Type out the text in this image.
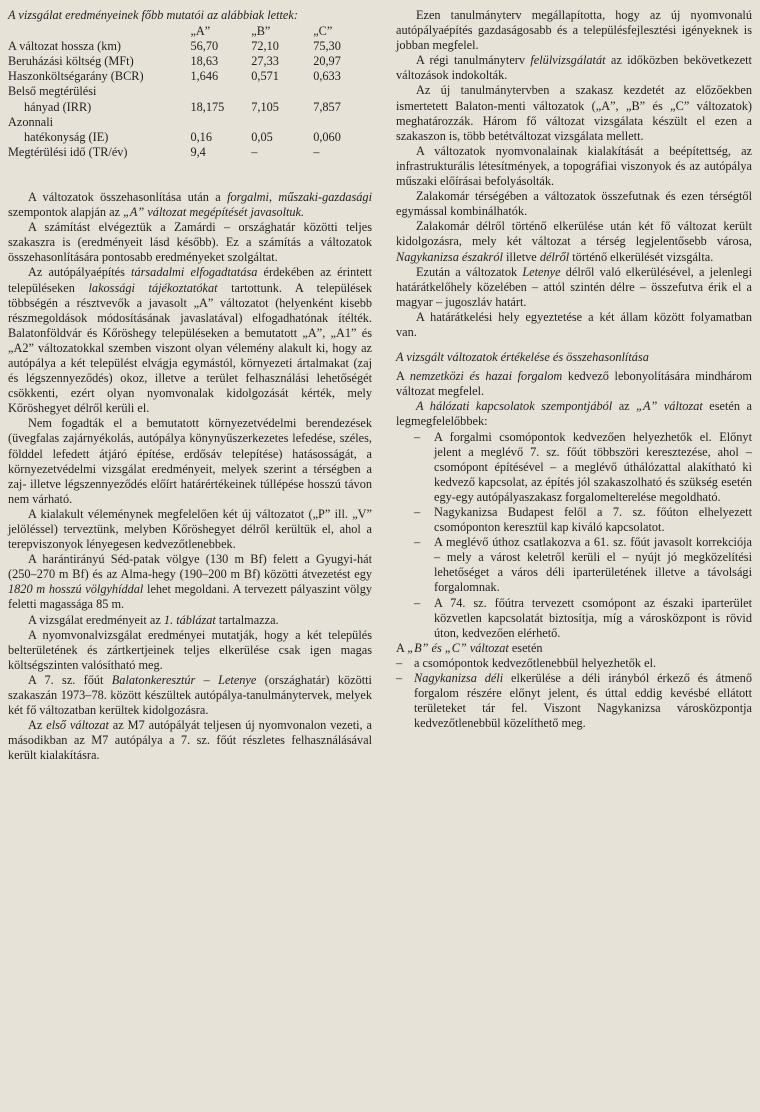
A vizsgálat eredményeinek főbb mutatói az alábbiak lettek:

	„A”	„B”	„C”
A változat hossza (km)	56,70	72,10	75,30
Beruházási költség (MFt)	18,63	27,33	20,97
Haszonköltségarány (BCR)	1,646	0,571	0,633
Belső megtérülési			
hányad (IRR)	18,175	7,105	7,857
Azonnali			
hatékonyság (IE)	0,16	0,05	0,060
Megtérülési idő (TR/év)	9,4	–	–

A változatok összehasonlítása után a forgalmi, műszaki-gazdasági szempontok alapján az „A” változat megépítését javasoltuk.

A számítást elvégeztük a Zamárdi – országhatár közötti teljes szakaszra is (eredményeit lásd később). Ez a számítás a változatok összehasonlítására pontosabb eredményeket szolgáltat.

Az autópályaépítés társadalmi elfogadtatása érdekében az érintett településeken lakossági tájékoztatókat tartottunk. A települések többségén a résztvevők a javasolt „A” változatot (helyenként kisebb részmegoldások módosításának javaslatával) elfogadhatónak ítélték. Balatonföldvár és Kőröshegy településeken a bemutatott „A”, „A1” és „A2” változatokkal szemben viszont olyan vélemény alakult ki, hogy az autópálya a két települést elvágja egymástól, környezeti ártalmakat (zaj és légszennyeződés) okoz, illetve a terület felhasználási lehetőségét csökkenti, ezért olyan nyomvonalak kidolgozását kérték, mely Kőröshegyet délről kerüli el.

Nem fogadták el a bemutatott környezetvédelmi berendezések (üvegfalas zajárnyékolás, autópálya könynyűszerkezetes lefedése, széles, földdel lefedett átjáró építése, erdősáv telepítése) hatásosságát, a környezetvédelmi vizsgálat eredményeit, melyek szerint a térségben a zaj- illetve légszennyeződés előírt határértékeinek túllépése hosszú távon nem várható.

A kialakult véleménynek megfelelően két új változatot („P” ill. „V” jelöléssel) terveztünk, melyben Kőröshegyet délről kerültük el, ahol a terepviszonyok lényegesen kedvezőtlenebbek.

A harántirányú Séd-patak völgye (130 m Bf) felett a Gyugyi-hát (250–270 m Bf) és az Alma-hegy (190–200 m Bf) közötti átvezetést egy 1820 m hosszú völgyhíddal lehet megoldani. A tervezett pályaszint völgy feletti magassága 85 m.

A vizsgálat eredményeit az 1. táblázat tartalmazza.

A nyomvonalvizsgálat eredményei mutatják, hogy a két település belterületének és zártkertjeinek teljes elkerülése csak igen magas költségszinten valósítható meg.

A 7. sz. főút Balatonkeresztúr – Letenye (országhatár) közötti szakaszán 1973–78. között készültek autópálya-tanulmánytervek, melyek két fő változatban kerültek kidolgozásra.

Az első változat az M7 autópályát teljesen új nyomvonalon vezeti, a másodikban az M7 autópálya a 7. sz. főút részletes felhasználásával került kialakításra.

Ezen tanulmányterv megállapította, hogy az új nyomvonalú autópályaépítés gazdaságosabb és a településfejlesztési igényeknek is jobban megfelel.

A régi tanulmányterv felülvizsgálatát az időközben bekövetkezett változások indokolták.

Az új tanulmánytervben a szakasz kezdetét az előzőekben ismertetett Balaton-menti változatok („A”, „B” és „C” változatok) meghatározzák. Három fő változat vizsgálata készült el ezen a szakaszon is, több betétváltozat vizsgálata mellett.

A változatok nyomvonalainak kialakítását a beépítettség, az infrastrukturális létesítmények, a topográfiai viszonyok és az autópálya műszaki előírásai befolyásolták.

Zalakomár térségében a változatok összefutnak és ezen térségtől egymással kombinálhatók.

Zalakomár délről történő elkerülése után két fő változat került kidolgozásra, mely két változat a térség legjelentősebb városa, Nagykanizsa északról illetve délről történő elkerülését vizsgálta.

Ezután a változatok Letenye délről való elkerülésével, a jelenlegi határátkelőhely közelében – attól szintén délre – összefutva érik el a magyar – jugoszláv határt.

A határátkelési hely egyeztetése a két állam között folyamatban van.

A vizsgált változatok értékelése és összehasonlítása

A nemzetközi és hazai forgalom kedvező lebonyolítására mindhárom változat megfelel.

A hálózati kapcsolatok szempontjából az „A” változat esetén a legmegfelelőbbek:

– A forgalmi csomópontok kedvezően helyezhetők el. Előnyt jelent a meglévő 7. sz. főút többszöri keresztezése, ahol – csomópont építésével – a meglévő úthálózattal alakítható ki kedvező kapcsolat, az építés jól szakaszolható és szükség esetén egy-egy autópályaszakasz forgalomelterelése megoldható.
– Nagykanizsa Budapest felől a 7. sz. főúton elhelyezett csomóponton keresztül kap kiváló kapcsolatot.
– A meglévő úthoz csatlakozva a 61. sz. főút javasolt korrekciója – mely a várost keletről kerüli el – nyújt jó megközelítési lehetőséget a város déli iparterületének illetve a távolsági forgalomnak.
– A 74. sz. főútra tervezett csomópont az északi iparterület közvetlen kapcsolatát biztosítja, míg a városközpont is rövid úton, kedvezően elérhető.

A „B” és „C” változat esetén

– a csomópontok kedvezőtlenebbül helyezhetők el.
– Nagykanizsa déli elkerülése a déli irányból érkező és átmenő forgalom részére előnyt jelent, és úttal eddig kevésbé ellátott területeket tár fel. Viszont Nagykanizsa városközpontja kedvezőtlenebbül közelíthető meg.
